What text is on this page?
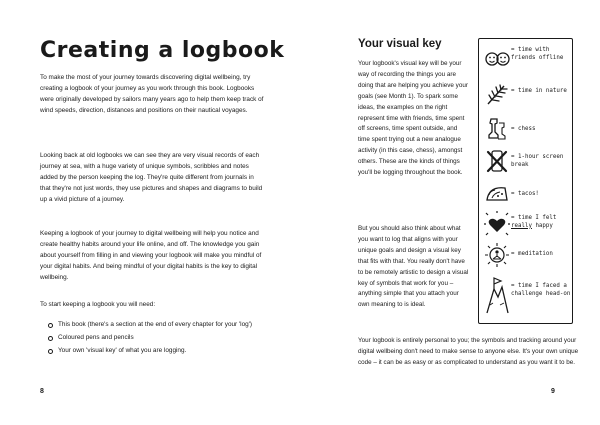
Creating a logbook

To make the most of your journey towards discovering digital wellbeing, try creating a logbook of your journey as you work through this book. Logbooks were originally developed by sailors many years ago to help them keep track of wind speeds, direction, distances and positions on their nautical voyages.

Looking back at old logbooks we can see they are very visual records of each journey at sea, with a huge variety of unique symbols, scribbles and notes added by the person keeping the log. They're quite different from journals in that they're not just words, they use pictures and shapes and diagrams to build up a vivid picture of a journey.

Keeping a logbook of your journey to digital wellbeing will help you notice and create healthy habits around your life online, and off. The knowledge you gain about yourself from filling in and viewing your logbook will make you mindful of your digital habits. And being mindful of your digital habits is the key to digital wellbeing.

To start keeping a logbook you will need:

This book (there's a section at the end of every chapter for your 'log')
Coloured pens and pencils
Your own 'visual key' of what you are logging.
8
Your visual key

Your logbook's visual key will be your way of recording the things you are doing that are helping you achieve your goals (see Month 1). To spark some ideas, the examples on the right represent time with friends, time spent off screens, time spent outside, and time spent trying out a new analogue activity (in this case, chess), amongst others. These are the kinds of things you'll be logging throughout the book.

But you should also think about what you want to log that aligns with your unique goals and design a visual key that fits with that. You really don't have to be remotely artistic to design a visual key of symbols that work for you – anything simple that you attach your own meaning to is ideal.

Your logbook is entirely personal to you; the symbols and tracking around your digital wellbeing don't need to make sense to anyone else. It's your own unique code – it can be as easy or as complicated to understand as you want it to be.

9
= time with friends offline
= time in nature
= chess
= 1-hour screen break
= tacos!
= time I felt really happy
= meditation
= time I faced a challenge head-on
